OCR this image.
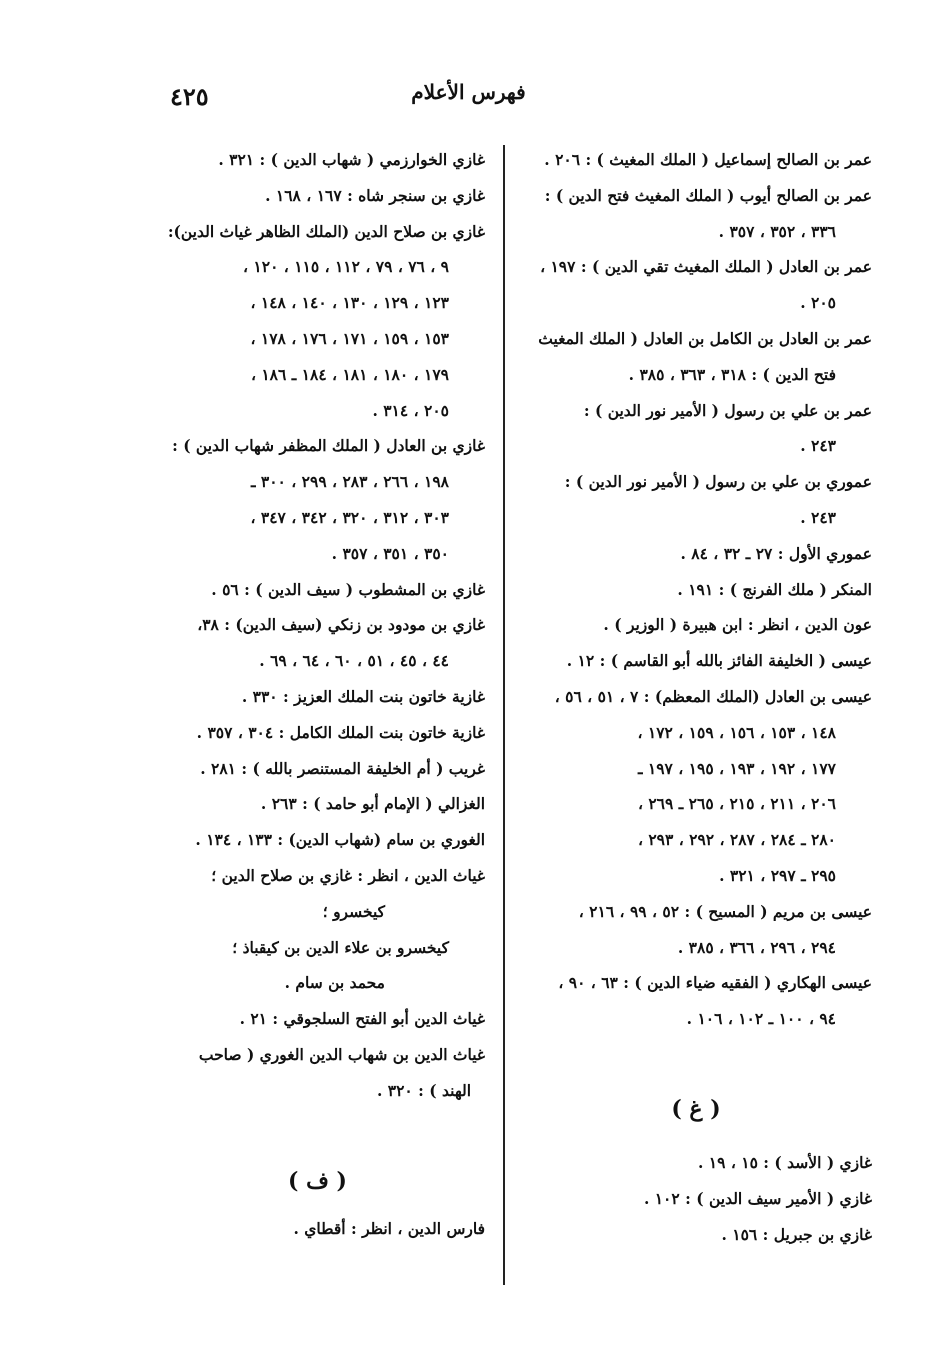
فهرس الأعلام
٤٢٥
عمر بن الصالح إسماعيل ( الملك المغيث ) : ٢٠٦ .
عمر بن الصالح أيوب ( الملك المغيث فتح الدين ) :
٣٣٦ ، ٣٥٢ ، ٣٥٧ .
عمر بن العادل ( الملك المغيث تقي الدين ) : ١٩٧ ،
٢٠٥ .
عمر بن العادل بن الكامل بن العادل ( الملك المغيث
فتح الدين ) : ٣١٨ ، ٣٦٣ ، ٣٨٥ .
عمر بن علي بن رسول ( الأمير نور الدين ) :
٢٤٣ .
عموري بن علي بن رسول ( الأمير نور الدين ) :
٢٤٣ .
عموري الأول : ٢٧ ـ ٣٢ ، ٨٤ .
المنكر ( ملك الفرنج ) : ١٩١ .
عون الدين ، انظر : ابن هبيرة ( الوزير ) .
عيسى ( الخليفة الفائز بالله أبو القاسم ) : ١٢ .
عيسى بن العادل (الملك المعظم) : ٧ ، ٥١ ، ٥٦ ،
١٤٨ ، ١٥٣ ، ١٥٦ ، ١٥٩ ، ١٧٢ ،
١٧٧ ، ١٩٢ ، ١٩٣ ، ١٩٥ ، ١٩٧ ـ
٢٠٦ ، ٢١١ ، ٢١٥ ، ٢٦٥ ـ ٢٦٩ ،
٢٨٠ ـ ٢٨٤ ، ٢٨٧ ، ٢٩٢ ، ٢٩٣ ،
٢٩٥ ـ ٢٩٧ ، ٣٢١ .
عيسى بن مريم ( المسيح ) : ٥٢ ، ٩٩ ، ٢١٦ ،
٢٩٤ ، ٢٩٦ ، ٣٦٦ ، ٣٨٥ .
عيسى الهكاري ( الفقيه ضياء الدين ) : ٦٣ ، ٩٠ ،
٩٤ ، ١٠٠ ـ ١٠٢ ، ١٠٦ .
( غ )
غازي ( الأسد ) : ١٥ ، ١٩ .
غازي ( الأمير سيف الدين ) : ١٠٢ .
غازي بن جبريل : ١٥٦ .
غازي الخوارزمي ( شهاب الدين ) : ٣٢١ .
غازي بن سنجر شاه : ١٦٧ ، ١٦٨ .
غازي بن صلاح الدين (الملك الظاهر غياث الدين):
٩ ، ٧٦ ، ٧٩ ، ١١٢ ، ١١٥ ، ١٢٠ ،
١٢٣ ، ١٢٩ ، ١٣٠ ، ١٤٠ ، ١٤٨ ،
١٥٣ ، ١٥٩ ، ١٧١ ، ١٧٦ ، ١٧٨ ،
١٧٩ ، ١٨٠ ، ١٨١ ، ١٨٤ ـ ١٨٦ ،
٢٠٥ ، ٣١٤ .
غازي بن العادل ( الملك المظفر شهاب الدين ) :
١٩٨ ، ٢٦٦ ، ٢٨٣ ، ٢٩٩ ، ٣٠٠ ـ
٣٠٣ ، ٣١٢ ، ٣٢٠ ، ٣٤٢ ، ٣٤٧ ،
٣٥٠ ، ٣٥١ ، ٣٥٧ .
غازي بن المشطوب ( سيف الدين ) : ٥٦ .
غازي بن مودود بن زنكي (سيف الدين) : ٣٨،
٤٤ ، ٤٥ ، ٥١ ، ٦٠ ، ٦٤ ، ٦٩ .
غازية خاتون بنت الملك العزيز : ٣٣٠ .
غازية خاتون بنت الملك الكامل : ٣٠٤ ، ٣٥٧ .
غريب ( أم الخليفة المستنصر بالله ) : ٢٨١ .
الغزالي ( الإمام أبو حامد ) : ٢٦٣ .
الغوري بن سام (شهاب الدين) : ١٣٣ ، ١٣٤ .
غياث الدين ، انظر : غازي بن صلاح الدين ؛
كيخسرو ؛
كيخسرو بن علاء الدين بن كيقباذ ؛
محمد بن سام .
غياث الدين أبو الفتح السلجوقي : ٢١ .
غياث الدين بن شهاب الدين الغوري ( صاحب
الهند ) : ٣٢٠ .
( ف )
فارس الدين ، انظر : أقطاي .
